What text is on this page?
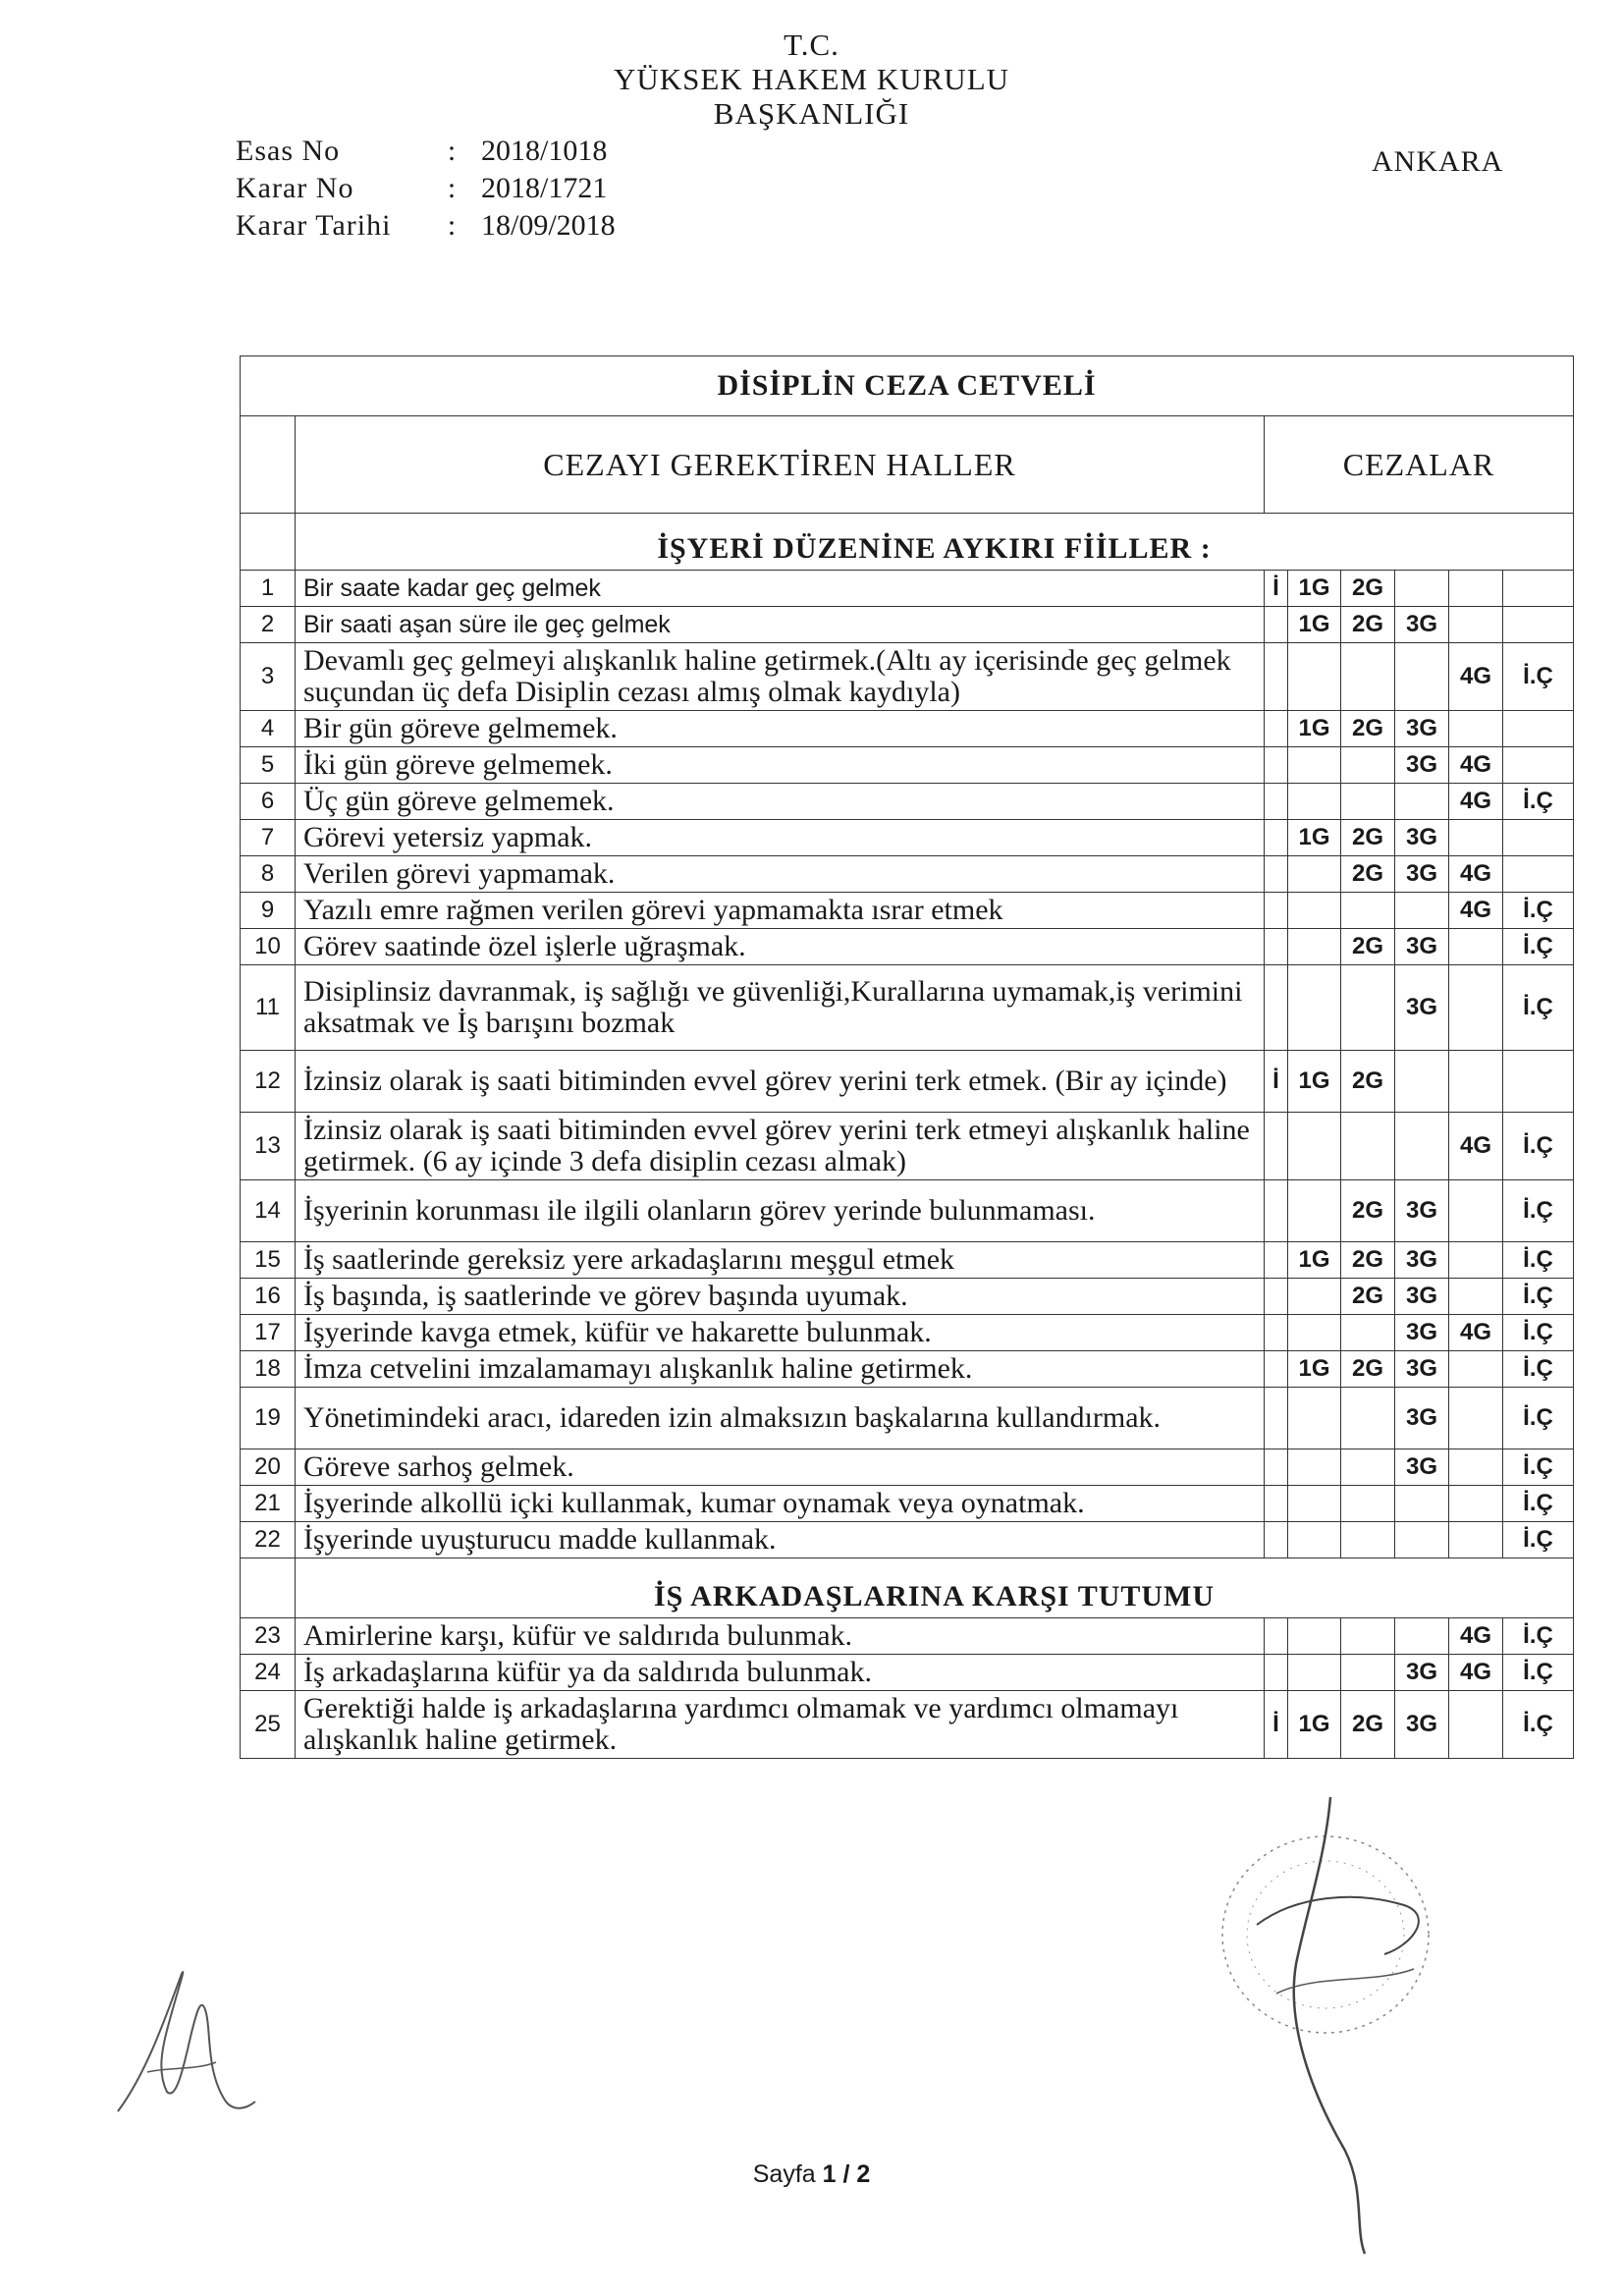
T.C.
YÜKSEK HAKEM KURULU
BAŞKANLIĞI
Esas No	: 2018/1018
Karar No	: 2018/1721
Karar Tarihi	: 18/09/2018
ANKARA
DİSİPLİN CEZA CETVELİ							
	CEZAYI GEREKTİREN HALLER	CEZALAR					
	İŞYERİ DÜZENİNE AYKIRI FİİLLER :						
1	Bir saate kadar geç gelmek	İ	1G	2G			
2	Bir saati aşan süre ile geç gelmek		1G	2G	3G		
3	Devamlı geç gelmeyi alışkanlık haline getirmek.(Altı ay içerisinde geç gelmek suçundan üç defa Disiplin cezası almış olmak kaydıyla)					4G	İ.Ç
4	Bir gün göreve gelmemek.		1G	2G	3G		
5	İki gün göreve gelmemek.				3G	4G	
6	Üç gün göreve gelmemek.					4G	İ.Ç
7	Görevi yetersiz yapmak.		1G	2G	3G		
8	Verilen görevi yapmamak.			2G	3G	4G	
9	Yazılı emre rağmen verilen görevi yapmamakta ısrar etmek					4G	İ.Ç
10	Görev saatinde özel işlerle uğraşmak.			2G	3G		İ.Ç
11	Disiplinsiz davranmak, iş sağlığı ve güvenliği,Kurallarına uymamak,iş verimini aksatmak ve İş barışını bozmak				3G		İ.Ç
12	İzinsiz olarak iş saati bitiminden evvel görev yerini terk etmek. (Bir ay içinde)	İ	1G	2G			
13	İzinsiz olarak iş saati bitiminden evvel görev yerini terk etmeyi alışkanlık haline getirmek. (6 ay içinde 3 defa disiplin cezası almak)					4G	İ.Ç
14	İşyerinin korunması ile ilgili olanların görev yerinde bulunmaması.			2G	3G		İ.Ç
15	İş saatlerinde gereksiz yere arkadaşlarını meşgul etmek		1G	2G	3G		İ.Ç
16	İş başında, iş saatlerinde ve görev başında uyumak.			2G	3G		İ.Ç
17	İşyerinde kavga etmek, küfür ve hakarette bulunmak.				3G	4G	İ.Ç
18	İmza cetvelini imzalamamayı alışkanlık haline getirmek.		1G	2G	3G		İ.Ç
19	Yönetimindeki aracı, idareden izin almaksızın başkalarına kullandırmak.				3G		İ.Ç
20	Göreve sarhoş gelmek.				3G		İ.Ç
21	İşyerinde alkollü içki kullanmak, kumar oynamak veya oynatmak.						İ.Ç
22	İşyerinde uyuşturucu madde kullanmak.						İ.Ç
	İŞ ARKADAŞLARINA KARŞI TUTUMU						
23	Amirlerine karşı, küfür ve saldırıda bulunmak.					4G	İ.Ç
24	İş arkadaşlarına küfür ya da saldırıda bulunmak.				3G	4G	İ.Ç
25	Gerektiği halde iş arkadaşlarına yardımcı olmamak ve yardımcı olmamayı alışkanlık haline getirmek.	İ	1G	2G	3G		İ.Ç
Sayfa 1 / 2
